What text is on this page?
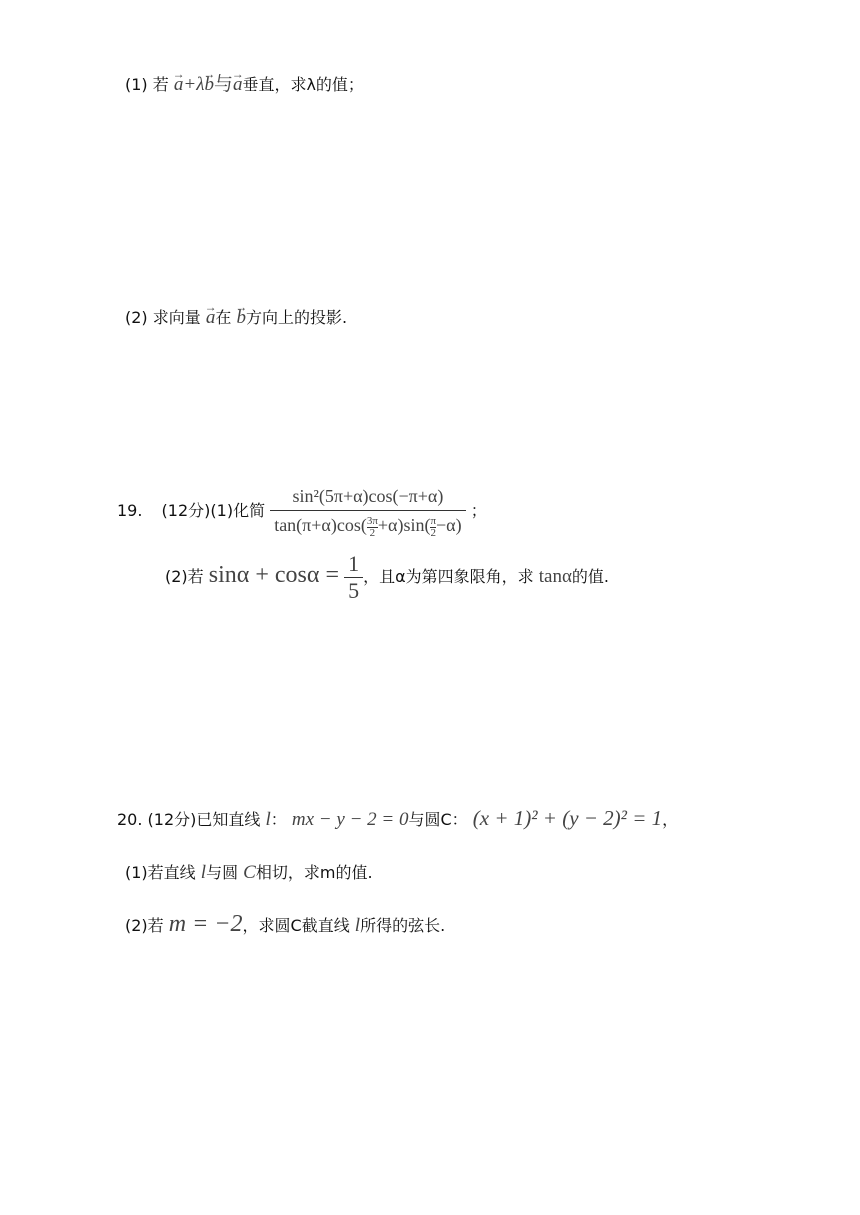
(1) 若 → a+λ→ b与→ a垂直，求λ的值；
(2) 求向量 → a在 → b方向上的投影.
19. (12分)(1)化简 $\frac{\text{sin²(5π+α)cos(−π+α)}}{\tan(\pi+\alpha)\cos( \frac{3\pi}{2} +\alpha)\sin( \frac{\pi}{2} -\alpha)}$ ；
(2)若 $\sin\alpha + \cos\alpha = \frac{1}{5}$ ，且α为第四象限角，求 tanα的值.
20. (12分)已知直线 l： mx − y − 2 = 0与圆C： (x + 1)² + (y − 2)² = 1，
(1)若直线 l与圆 C相切，求m的值.
(2)若 m = −2，求圆C截直线 l所得的弦长.
